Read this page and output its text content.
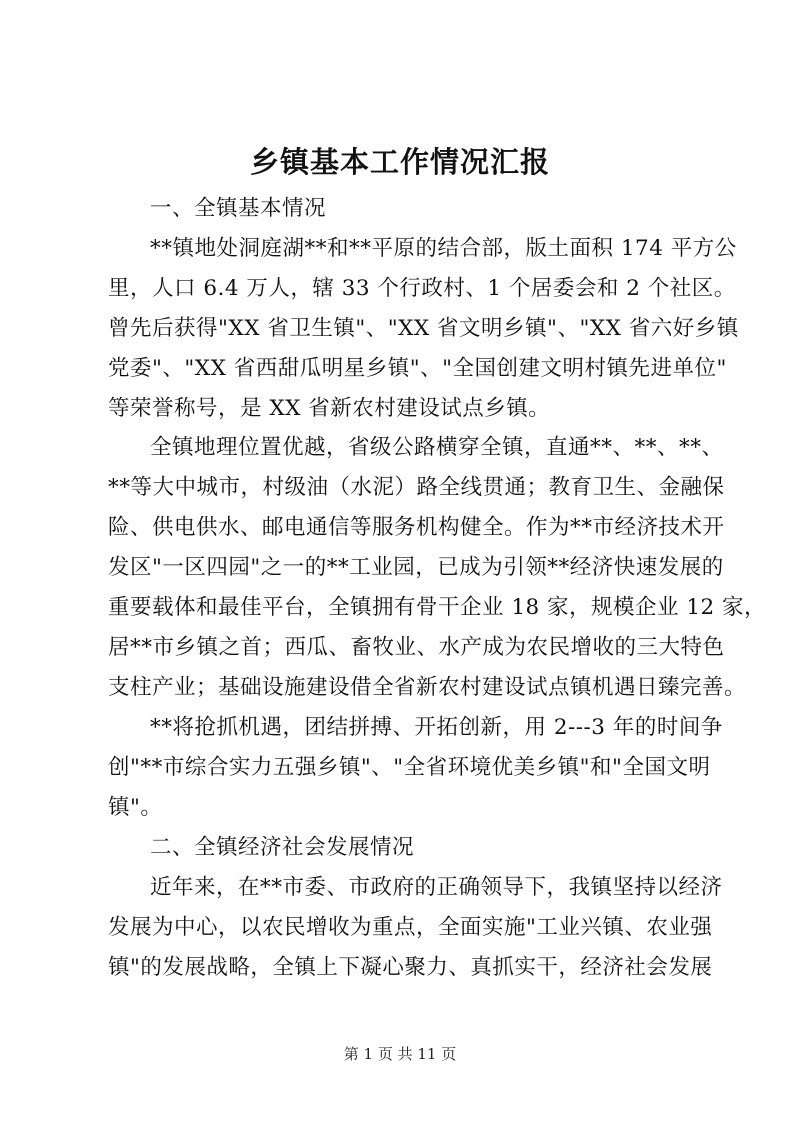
乡镇基本工作情况汇报
一、全镇基本情况
**镇地处洞庭湖**和**平原的结合部，版土面积 174 平方公
里，人口 6.4 万人，辖 33 个行政村、1 个居委会和 2 个社区。
曾先后获得"XX 省卫生镇"、"XX 省文明乡镇"、"XX 省六好乡镇
党委"、"XX 省西甜瓜明星乡镇"、"全国创建文明村镇先进单位"
等荣誉称号，是 XX 省新农村建设试点乡镇。
全镇地理位置优越，省级公路横穿全镇，直通**、**、**、
**等大中城市，村级油（水泥）路全线贯通；教育卫生、金融保
险、供电供水、邮电通信等服务机构健全。作为**市经济技术开
发区"一区四园"之一的**工业园，已成为引领**经济快速发展的
重要载体和最佳平台，全镇拥有骨干企业 18 家，规模企业 12 家，
居**市乡镇之首；西瓜、畜牧业、水产成为农民增收的三大特色
支柱产业；基础设施建设借全省新农村建设试点镇机遇日臻完善。
**将抢抓机遇，团结拼搏、开拓创新，用 2---3 年的时间争
创"**市综合实力五强乡镇"、"全省环境优美乡镇"和"全国文明
镇"。
二、全镇经济社会发展情况
近年来，在**市委、市政府的正确领导下，我镇坚持以经济
发展为中心，以农民增收为重点，全面实施"工业兴镇、农业强
镇"的发展战略，全镇上下凝心聚力、真抓实干，经济社会发展
第 1 页 共 11 页
